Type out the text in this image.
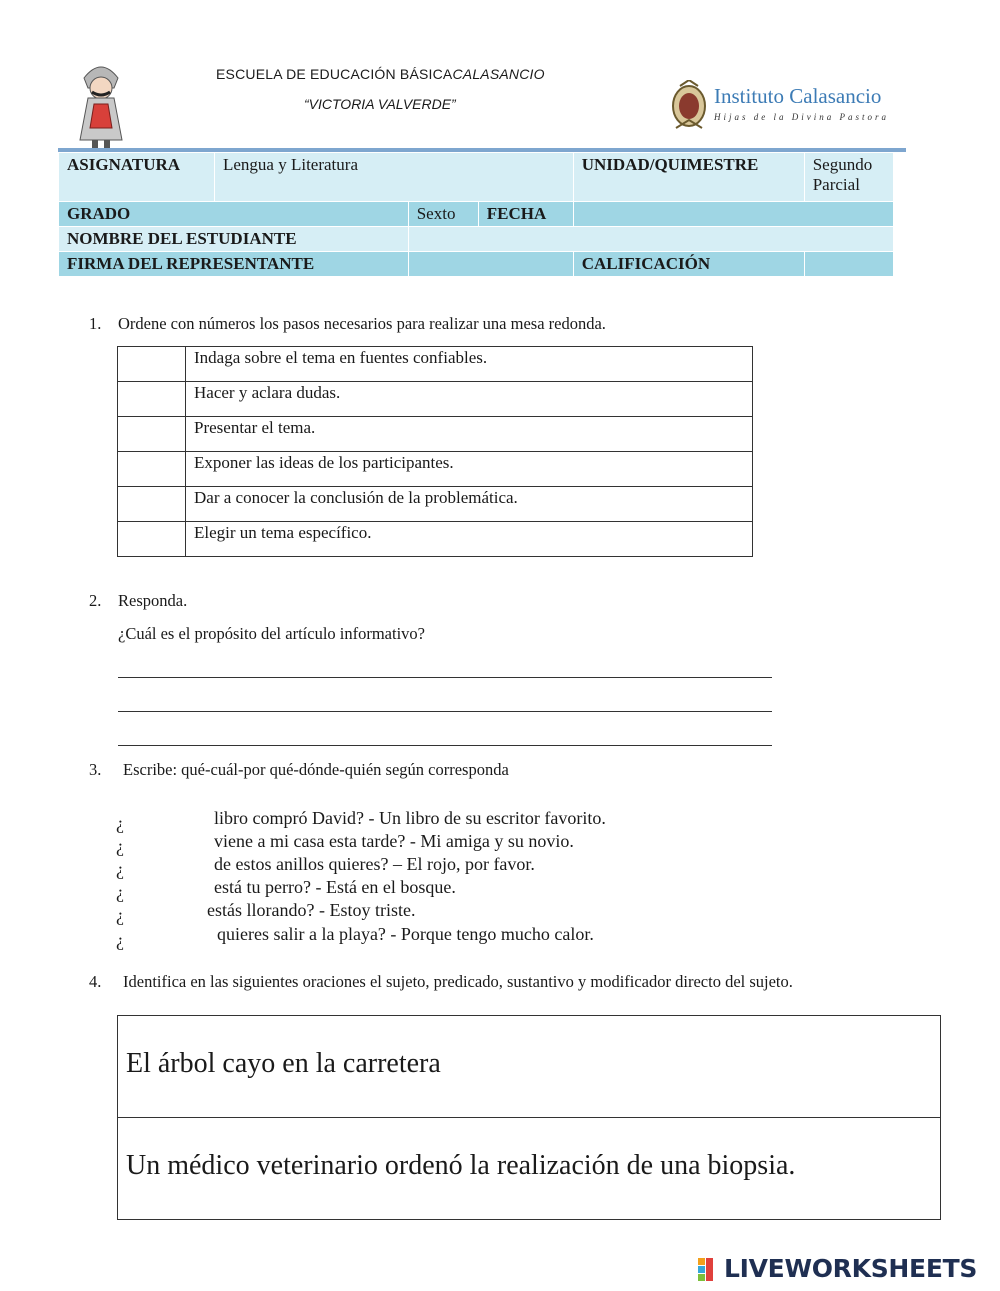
ESCUELA DE EDUCACIÓN BÁSICACALASANCIO
“VICTORIA VALVERDE”	Instituto Calasancio
Hijas de la Divina Pastora
ASIGNATURA	Lengua y Literatura			UNIDAD/QUIMESTRE	Segundo
Parcial
GRADO		Sexto	FECHA		
NOMBRE DEL ESTUDIANTE					
FIRMA DEL REPRESENTANTE				CALIFICACIÓN	
1. Ordene con números los pasos necesarios para realizar una mesa redonda.
	Indaga sobre el tema en fuentes confiables.
	Hacer y aclara dudas.
	Presentar el tema.
	Exponer las ideas de los participantes.
	Dar a conocer la conclusión de la problemática.
	Elegir un tema específico.
2. Responda.
¿Cuál es el propósito del artículo informativo?
3. Escribe: qué-cuál-por qué-dónde-quién según corresponda
¿	libro compró David? - Un libro de su escritor favorito.
¿	viene a mi casa esta tarde? - Mi amiga y su novio.
¿	de estos anillos quieres? – El rojo, por favor.
¿	está tu perro? - Está en el bosque.
¿	estás llorando? - Estoy triste.
¿	quieres salir a la playa? - Porque tengo mucho calor.
4. Identifica en las siguientes oraciones el sujeto, predicado, sustantivo y modificador directo del sujeto.
El árbol cayo en la carretera
Un médico veterinario ordenó la realización de una biopsia.
LIVEWORKSHEETS
